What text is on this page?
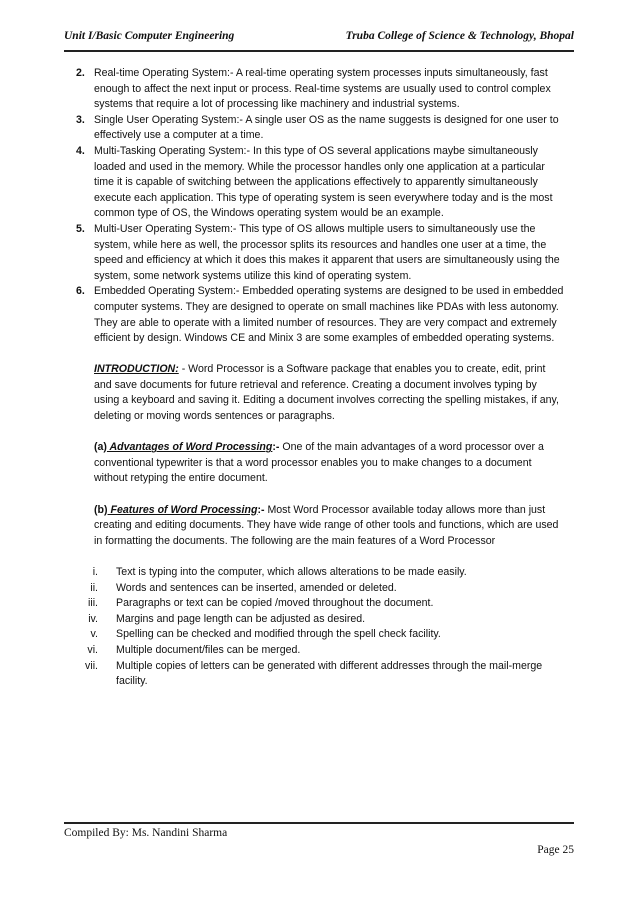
Unit I/Basic Computer Engineering	Truba College of Science & Technology, Bhopal
2. Real-time Operating System:- A real-time operating system processes inputs simultaneously, fast enough to affect the next input or process. Real-time systems are usually used to control complex systems that require a lot of processing like machinery and industrial systems.
3. Single User Operating System:- A single user OS as the name suggests is designed for one user to effectively use a computer at a time.
4. Multi-Tasking Operating System:- In this type of OS several applications maybe simultaneously loaded and used in the memory. While the processor handles only one application at a particular time it is capable of switching between the applications effectively to apparently simultaneously execute each application. This type of operating system is seen everywhere today and is the most common type of OS, the Windows operating system would be an example.
5. Multi-User Operating System:- This type of OS allows multiple users to simultaneously use the system, while here as well, the processor splits its resources and handles one user at a time, the speed and efficiency at which it does this makes it apparent that users are simultaneously using the system, some network systems utilize this kind of operating system.
6. Embedded Operating System:- Embedded operating systems are designed to be used in embedded computer systems. They are designed to operate on small machines like PDAs with less autonomy. They are able to operate with a limited number of resources. They are very compact and extremely efficient by design. Windows CE and Minix 3 are some examples of embedded operating systems.
INTRODUCTION: - Word Processor is a Software package that enables you to create, edit, print and save documents for future retrieval and reference. Creating a document involves typing by using a keyboard and saving it. Editing a document involves correcting the spelling mistakes, if any, deleting or moving words sentences or paragraphs.
(a) Advantages of Word Processing:- One of the main advantages of a word processor over a conventional typewriter is that a word processor enables you to make changes to a document without retyping the entire document.
(b) Features of Word Processing:- Most Word Processor available today allows more than just creating and editing documents. They have wide range of other tools and functions, which are used in formatting the documents. The following are the main features of a Word Processor
i. Text is typing into the computer, which allows alterations to be made easily.
ii. Words and sentences can be inserted, amended or deleted.
iii. Paragraphs or text can be copied /moved throughout the document.
iv. Margins and page length can be adjusted as desired.
v. Spelling can be checked and modified through the spell check facility.
vi. Multiple document/files can be merged.
vii. Multiple copies of letters can be generated with different addresses through the mail-merge facility.
Compiled By: Ms. Nandini Sharma
Page 25
